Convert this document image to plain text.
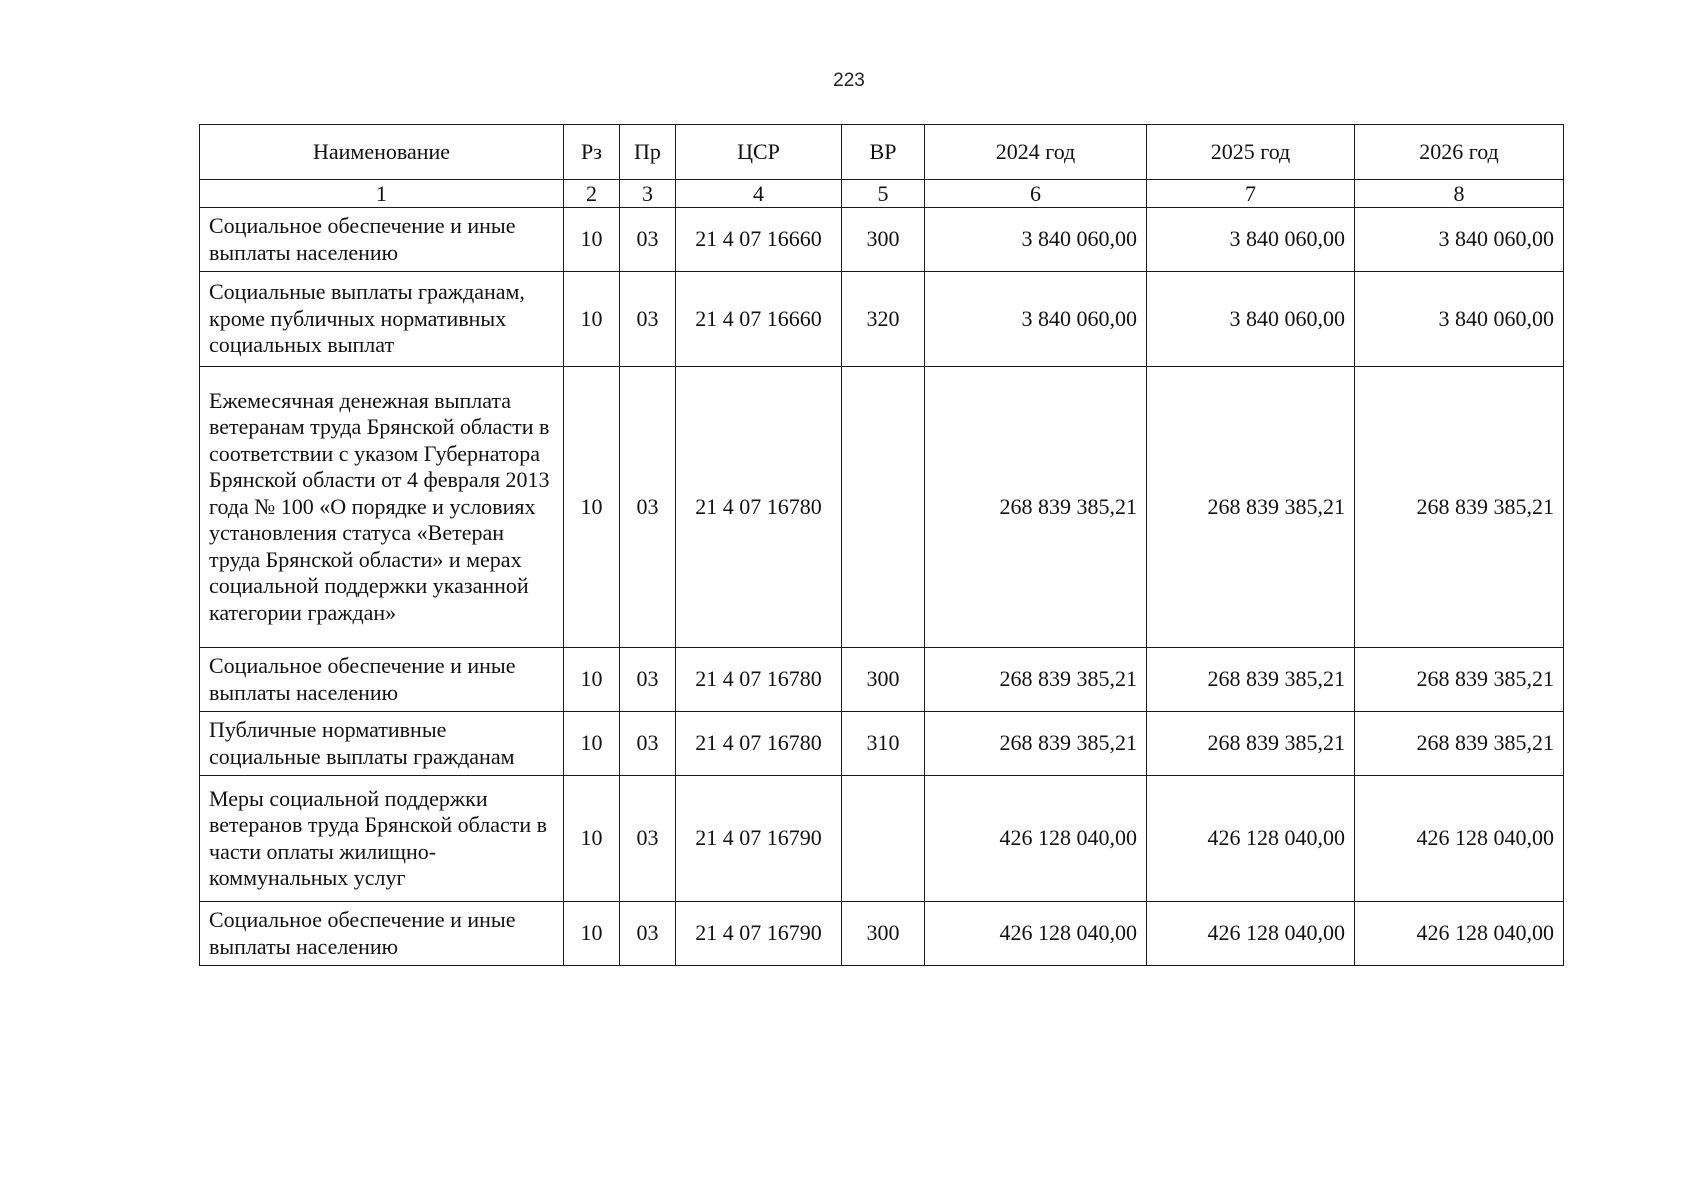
223
Наименование	Рз	Пр	ЦСР	ВР	2024 год	2025 год	2026 год
1	2	3	4	5	6	7	8
Социальное обеспечение и иные выплаты населению	10	03	21 4 07 16660	300	3 840 060,00	3 840 060,00	3 840 060,00
Социальные выплаты гражданам, кроме публичных нормативных социальных выплат	10	03	21 4 07 16660	320	3 840 060,00	3 840 060,00	3 840 060,00
Ежемесячная денежная выплата ветеранам труда Брянской области в соответствии с указом Губернатора Брянской области от 4 февраля 2013 года № 100 «О порядке и условиях установления статуса «Ветеран труда Брянской области» и мерах социальной поддержки указанной категории граждан»	10	03	21 4 07 16780		268 839 385,21	268 839 385,21	268 839 385,21
Социальное обеспечение и иные выплаты населению	10	03	21 4 07 16780	300	268 839 385,21	268 839 385,21	268 839 385,21
Публичные нормативные социальные выплаты гражданам	10	03	21 4 07 16780	310	268 839 385,21	268 839 385,21	268 839 385,21
Меры социальной поддержки ветеранов труда Брянской области в части оплаты жилищно-коммунальных услуг	10	03	21 4 07 16790		426 128 040,00	426 128 040,00	426 128 040,00
Социальное обеспечение и иные выплаты населению	10	03	21 4 07 16790	300	426 128 040,00	426 128 040,00	426 128 040,00
